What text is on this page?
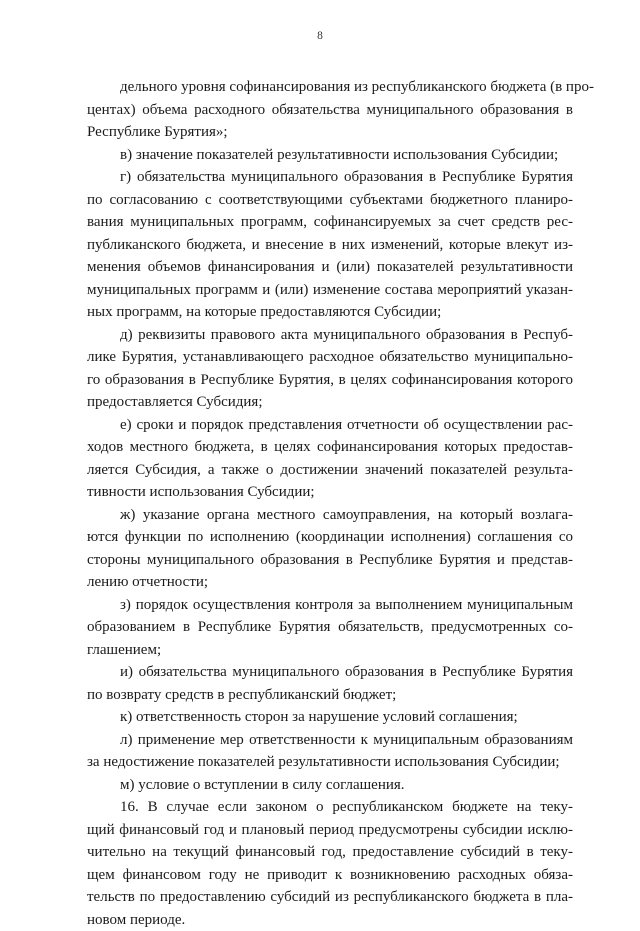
8
дельного уровня софинансирования из республиканского бюджета (в про-
центах) объема расходного обязательства муниципального образования в
Республике Бурятия»;
в) значение показателей результативности использования Субсидии;
г) обязательства муниципального образования в Республике Бурятия
по согласованию с соответствующими субъектами бюджетного планиро-
вания муниципальных программ, софинансируемых за счет средств рес-
публиканского бюджета, и внесение в них изменений, которые влекут из-
менения объемов финансирования и (или) показателей результативности
муниципальных программ и (или) изменение состава мероприятий указан-
ных программ, на которые предоставляются Субсидии;
д) реквизиты правового акта муниципального образования в Респуб-
лике Бурятия, устанавливающего расходное обязательство муниципально-
го образования в Республике Бурятия, в целях софинансирования которого
предоставляется Субсидия;
е) сроки и порядок представления отчетности об осуществлении рас-
ходов местного бюджета, в целях софинансирования которых предостав-
ляется Субсидия, а также о достижении значений показателей результа-
тивности использования Субсидии;
ж) указание органа местного самоуправления, на который возлага-
ются функции по исполнению (координации исполнения) соглашения со
стороны муниципального образования в Республике Бурятия и представ-
лению отчетности;
з) порядок осуществления контроля за выполнением муниципальным
образованием в Республике Бурятия обязательств, предусмотренных со-
глашением;
и) обязательства муниципального образования в Республике Бурятия
по возврату средств в республиканский бюджет;
к) ответственность сторон за нарушение условий соглашения;
л) применение мер ответственности к муниципальным образованиям
за недостижение показателей результативности использования Субсидии;
м) условие о вступлении в силу соглашения.
16. В случае если законом о республиканском бюджете на теку-
щий финансовый год и плановый период предусмотрены субсидии исклю-
чительно на текущий финансовый год, предоставление субсидий в теку-
щем финансовом году не приводит к возникновению расходных обяза-
тельств по предоставлению субсидий из республиканского бюджета в пла-
новом периоде.
